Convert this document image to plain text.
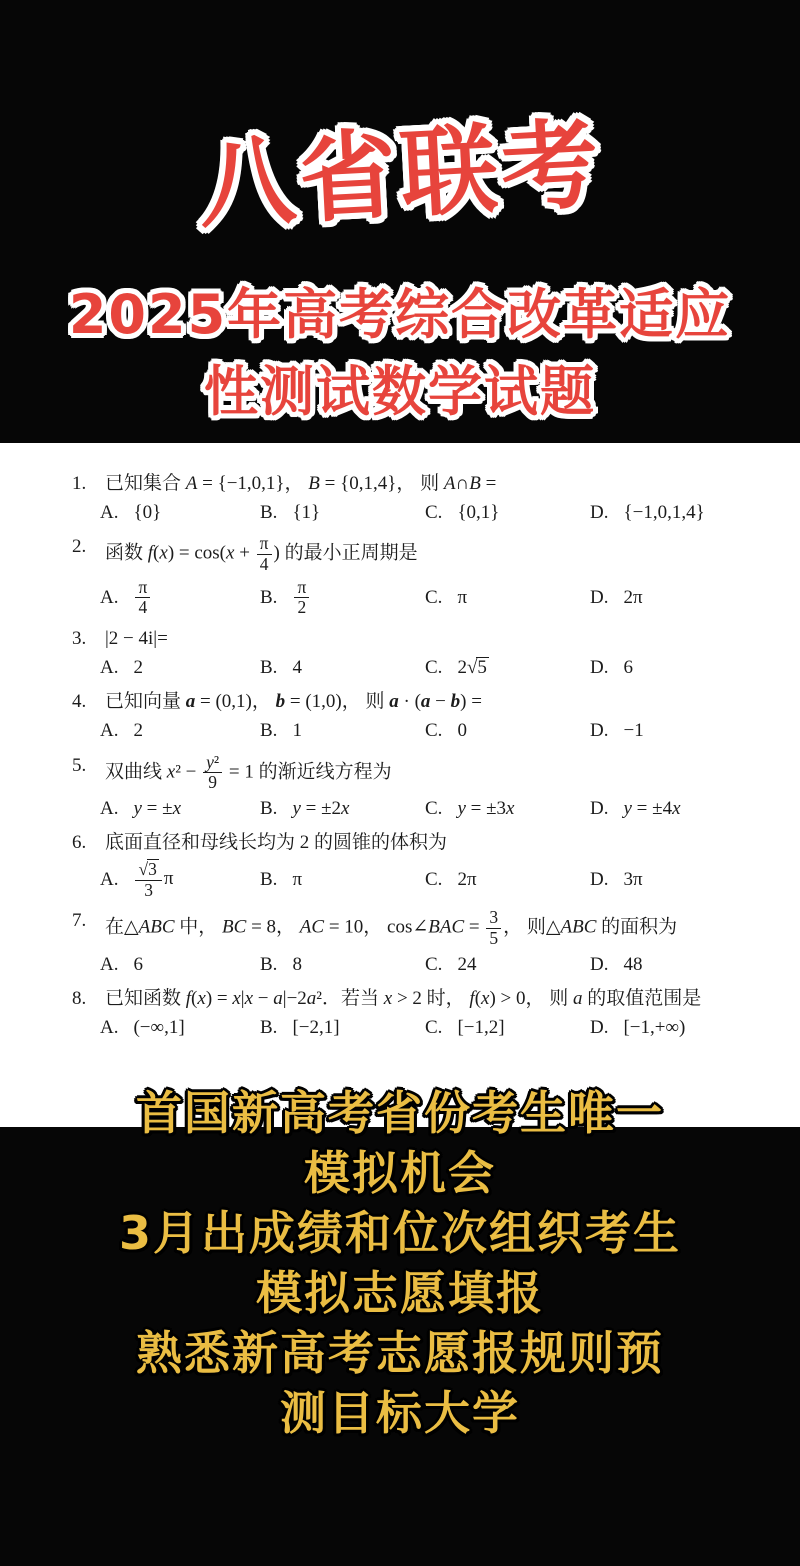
八省联考
2025年高考综合改革适应
性测试数学试题
1. 已知集合 A = {−1,0,1}， B = {0,1,4}， 则 A∩B =
A. {0}	B. {1}	C. {0,1}	D. {−1,0,1,4}
2. 函数 $f(x) = \cos(x + \frac{\pi}{4}$ ) 的最小正周期是
A. $\frac{\pi}{4}$	B. $\frac{\pi}{2}$	C. π	D. 2π
3. |2 − 4i|=
A. 2	B. 4	C. 2√5	D. 6
4. 已知向量 a = (0,1)， b = (1,0)， 则 a · (a − b) =
A. 2	B. 1	C. 0	D. −1
5. 双曲线 $x^2 - \frac{\text{y²}}{9} = 1$ 的渐近线方程为
A. y = ±x	B. y = ±2x	C. y = ±3x	D. y = ±4x
6. 底面直径和母线长均为 2 的圆锥的体积为
A. $\frac{√3}{3}$ π	B. π	C. 2π	D. 3π
7. 在△ABC 中， BC = 8， AC = 10， cos∠BAC = $\frac{3}{5}$ ， 则△ABC 的面积为
A. 6	B. 8	C. 24	D. 48
8. 已知函数 f(x) = x|x − a|−2a²．若当 x > 2 时， f(x) > 0， 则 a 的取值范围是
A. (−∞,1]	B. [−2,1]	C. [−1,2]	D. [−1,+∞)
首国新高考省份考生唯一
模拟机会
3月出成绩和位次组织考生
模拟志愿填报
熟悉新高考志愿报规则预
测目标大学
